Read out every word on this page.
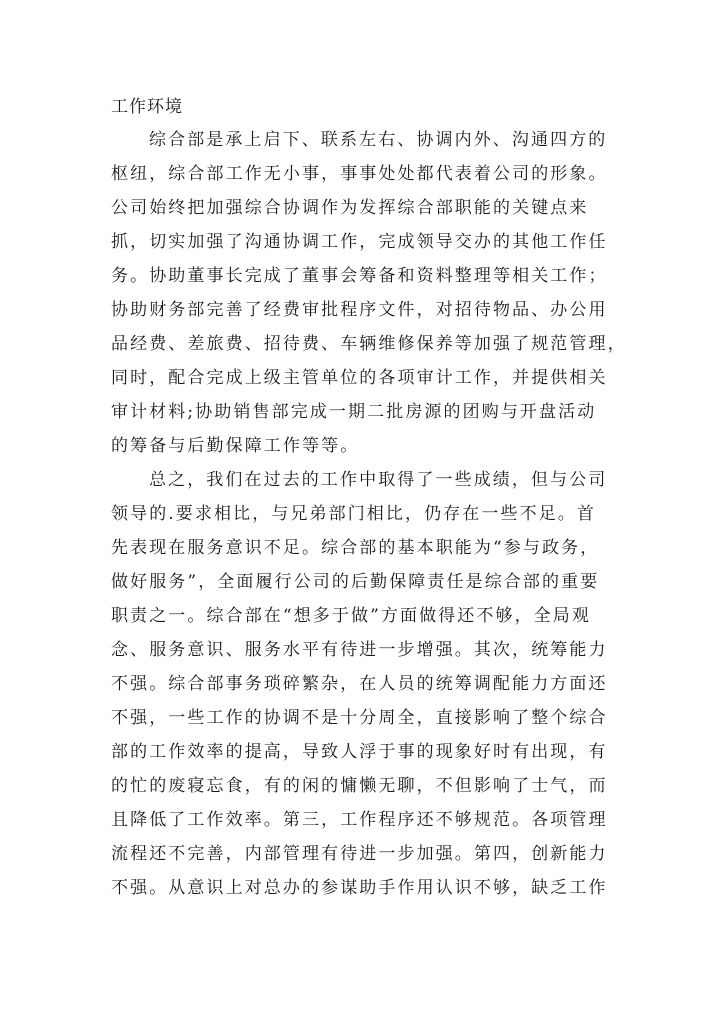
工作环境
综合部是承上启下、联系左右、协调内外、沟通四方的
枢纽，综合部工作无小事，事事处处都代表着公司的形象。
公司始终把加强综合协调作为发挥综合部职能的关键点来
抓，切实加强了沟通协调工作，完成领导交办的其他工作任
务。协助董事长完成了董事会筹备和资料整理等相关工作；
协助财务部完善了经费审批程序文件，对招待物品、办公用
品经费、差旅费、招待费、车辆维修保养等加强了规范管理，
同时，配合完成上级主管单位的各项审计工作，并提供相关
审计材料;协助销售部完成一期二批房源的团购与开盘活动
的筹备与后勤保障工作等等。
总之，我们在过去的工作中取得了一些成绩，但与公司
领导的.要求相比，与兄弟部门相比，仍存在一些不足。首
先表现在服务意识不足。综合部的基本职能为“参与政务，
做好服务”，全面履行公司的后勤保障责任是综合部的重要
职责之一。综合部在“想多于做”方面做得还不够，全局观
念、服务意识、服务水平有待进一步增强。其次，统筹能力
不强。综合部事务琐碎繁杂，在人员的统筹调配能力方面还
不强，一些工作的协调不是十分周全，直接影响了整个综合
部的工作效率的提高，导致人浮于事的现象好时有出现，有
的忙的废寝忘食，有的闲的慵懒无聊，不但影响了士气，而
且降低了工作效率。第三，工作程序还不够规范。各项管理
流程还不完善，内部管理有待进一步加强。第四，创新能力
不强。从意识上对总办的参谋助手作用认识不够，缺乏工作
